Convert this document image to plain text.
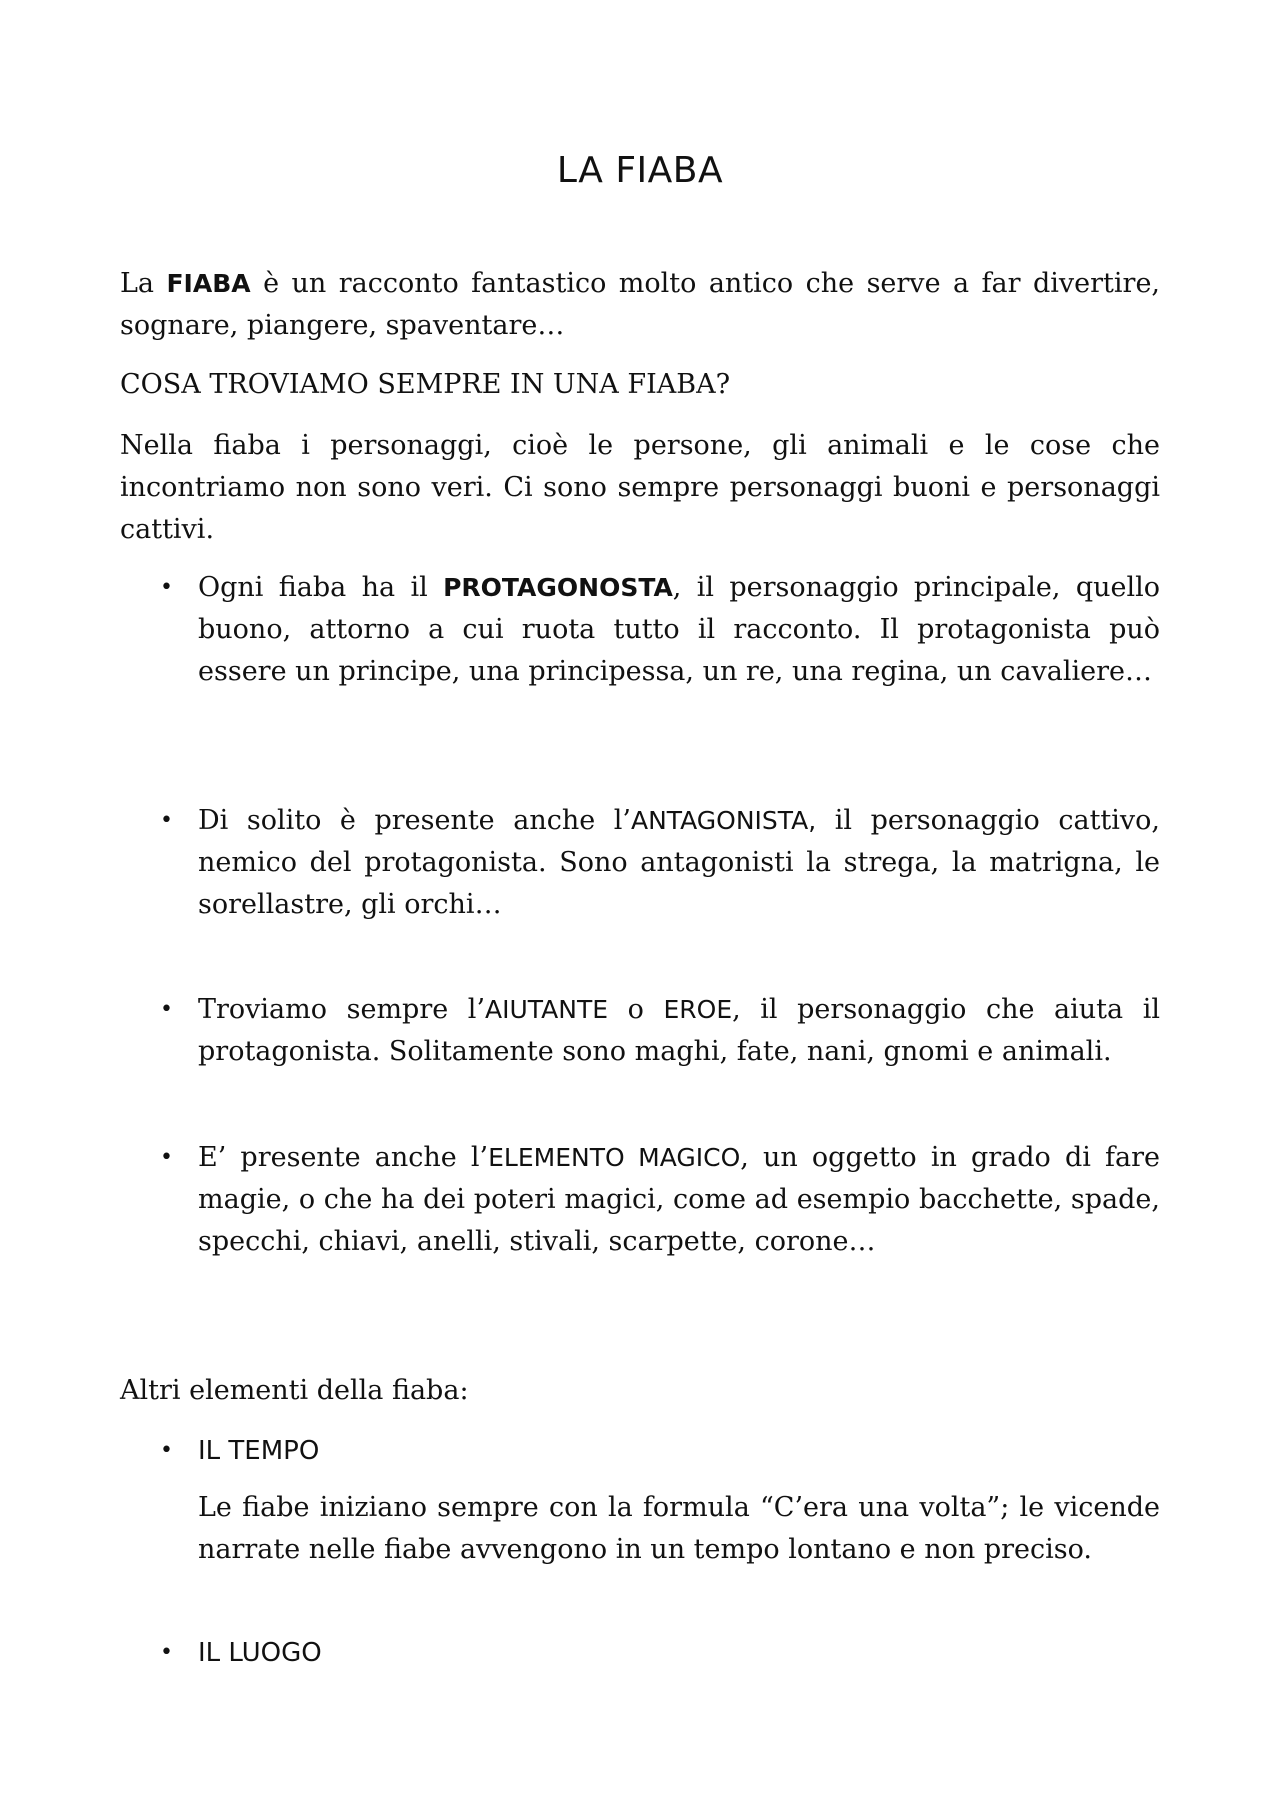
LA FIABA

La FIABA è un racconto fantastico molto antico che serve a far divertire, sognare, piangere, spaventare…

COSA TROVIAMO SEMPRE IN UNA FIABA?

Nella fiaba i personaggi, cioè le persone, gli animali e le cose che incontriamo non sono veri. Ci sono sempre personaggi buoni e personaggi cattivi.

• Ogni fiaba ha il PROTAGONOSTA, il personaggio principale, quello buono, attorno a cui ruota tutto il racconto. Il protagonista può essere un principe, una principessa, un re, una regina, un cavaliere…

• Di solito è presente anche l’ANTAGONISTA, il personaggio cattivo, nemico del protagonista. Sono antagonisti la strega, la matrigna, le sorellastre, gli orchi…

• Troviamo sempre l’AIUTANTE o EROE, il personaggio che aiuta il protagonista. Solitamente sono maghi, fate, nani, gnomi e animali.

• E’ presente anche l’ELEMENTO MAGICO, un oggetto in grado di fare magie, o che ha dei poteri magici, come ad esempio bacchette, spade, specchi, chiavi, anelli, stivali, scarpette, corone…

Altri elementi della fiaba:

• IL TEMPO

Le fiabe iniziano sempre con la formula “C’era una volta”; le vicende narrate nelle fiabe avvengono in un tempo lontano e non preciso.

• IL LUOGO
